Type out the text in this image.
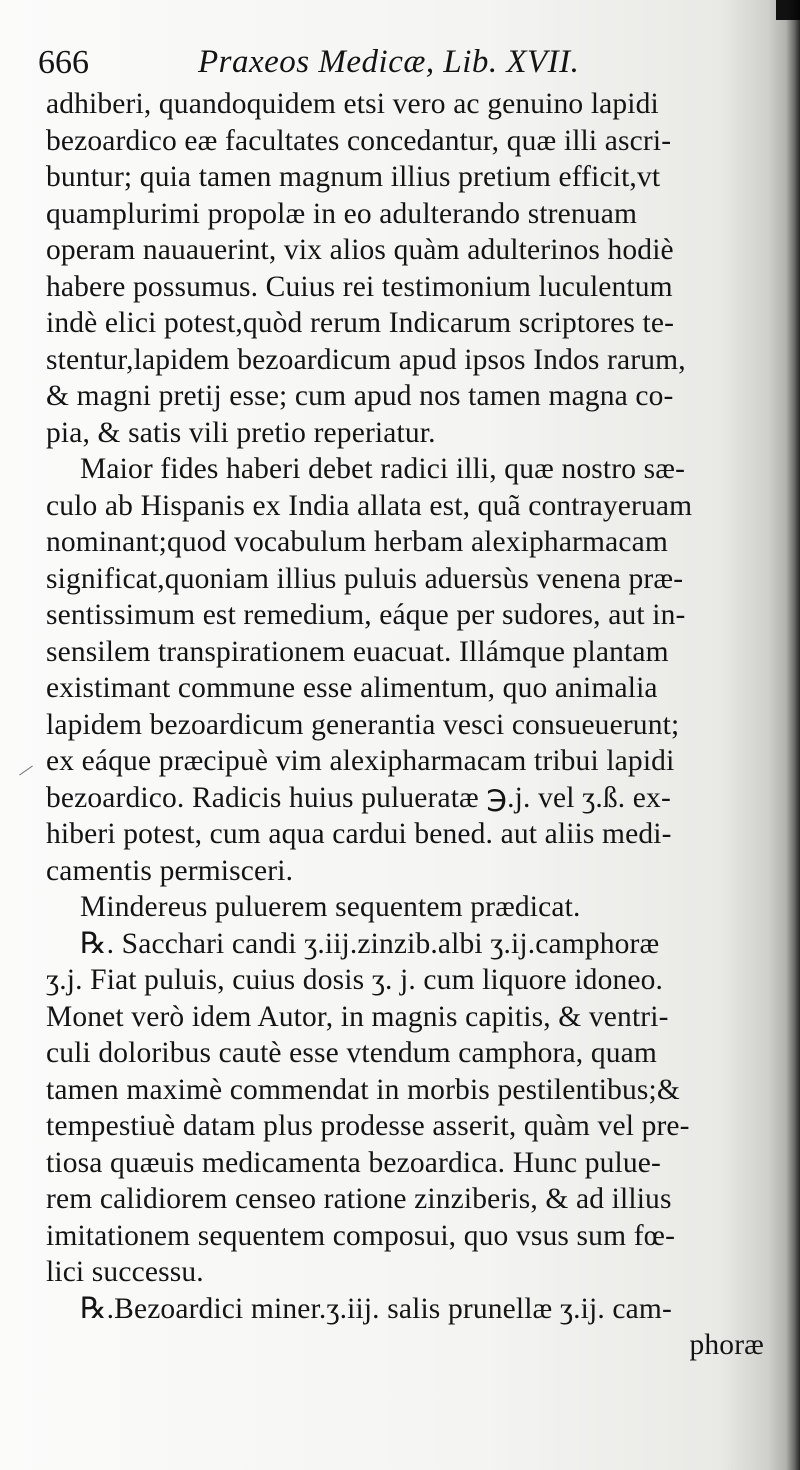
666	Praxeos Medicæ, Lib. XVII.
adhiberi, quandoquidem etsi vero ac genuino lapidi
bezoardico eæ facultates concedantur, quæ illi ascri-
buntur; quia tamen magnum illius pretium efficit,vt
quamplurimi propolæ in eo adulterando strenuam
operam nauauerint, vix alios quàm adulterinos hodiè
habere possumus. Cuius rei testimonium luculentum
indè elici potest,quòd rerum Indicarum scriptores te-
stentur,lapidem bezoardicum apud ipsos Indos rarum,
& magni pretij esse; cum apud nos tamen magna co-
pia, & satis vili pretio reperiatur.
Maior fides haberi debet radici illi, quæ nostro sæ-
culo ab Hispanis ex India allata est, quã contrayeruam
nominant;quod vocabulum herbam alexipharmacam
significat,quoniam illius puluis aduersùs venena præ-
sentissimum est remedium, eáque per sudores, aut in-
sensilem transpirationem euacuat. Illámque plantam
existimant commune esse alimentum, quo animalia
lapidem bezoardicum generantia vesci consueuerunt;
ex eáque præcipuè vim alexipharmacam tribui lapidi
bezoardico. Radicis huius pulueratæ ℈.j. vel ʒ.ß. ex-
hiberi potest, cum aqua cardui bened. aut aliis medi-
camentis permisceri.
Mindereus puluerem sequentem prædicat.
℞. Sacchari candi ʒ.iij.zinzib.albi ʒ.ij.camphoræ
ʒ.j. Fiat puluis, cuius dosis ʒ. j. cum liquore idoneo.
Monet verò idem Autor, in magnis capitis, & ventri-
culi doloribus cautè esse vtendum camphora, quam
tamen maximè commendat in morbis pestilentibus;&
tempestiuè datam plus prodesse asserit, quàm vel pre-
tiosa quæuis medicamenta bezoardica. Hunc pulue-
rem calidiorem censeo ratione zinziberis, & ad illius
imitationem sequentem composui, quo vsus sum fœ-
lici successu.
℞.Bezoardici miner.ʒ.iij. salis prunellæ ʒ.ij. cam-
phoræ
